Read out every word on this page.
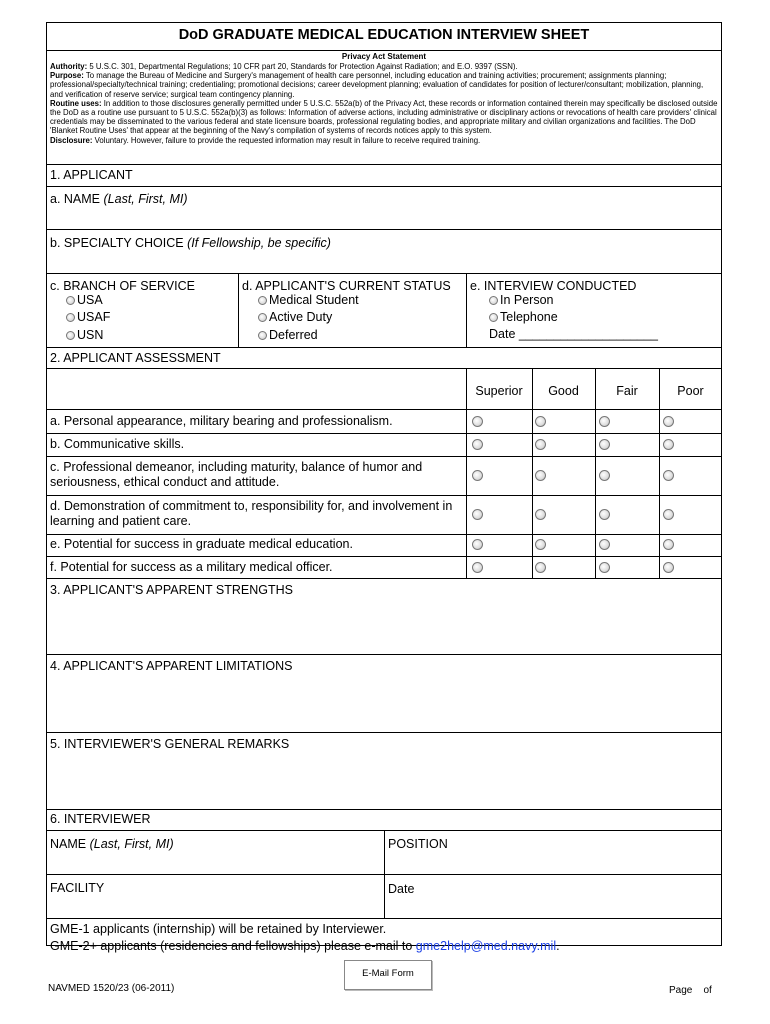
DoD GRADUATE MEDICAL EDUCATION INTERVIEW SHEET
Privacy Act Statement

Authority: 5 U.S.C. 301, Departmental Regulations; 10 CFR part 20, Standards for Protection Against Radiation; and E.O. 9397 (SSN).

Purpose: To manage the Bureau of Medicine and Surgery's management of health care personnel, including education and training activities; procurement; assignments planning; professional/specialty/technical training; credentialing; promotional decisions; career development planning; evaluation of candidates for position of lecturer/consultant; mobilization, planning, and verification of reserve service; surgical team contingency planning.

Routine uses: In addition to those disclosures generally permitted under 5 U.S.C. 552a(b) of the Privacy Act, these records or information contained therein may specifically be disclosed outside the DoD as a routine use pursuant to 5 U.S.C. 552a(b)(3) as follows: Information of adverse actions, including administrative or disciplinary actions or revocations of health care providers' clinical credentials may be disseminated to the various federal and state licensure boards, professional regulating bodies, and appropriate military and civilian organizations and facilities. The DoD 'Blanket Routine Uses' that appear at the beginning of the Navy's compilation of systems of records notices apply to this system.

Disclosure: Voluntary. However, failure to provide the requested information may result in failure to receive required training.

1. APPLICANT
a. NAME (Last, First, MI)
b. SPECIALTY CHOICE (If Fellowship, be specific)
c. BRANCH OF SERVICE
USA
USAF
USN
d. APPLICANT'S CURRENT STATUS
Medical Student
Active Duty
Deferred
e. INTERVIEW CONDUCTED
In Person
Telephone
Date ____________________
2. APPLICANT ASSESSMENT
Superior	Good	Fair	Poor
a. Personal appearance, military bearing and professionalism.
b. Communicative skills.
c. Professional demeanor, including maturity, balance of humor and seriousness, ethical conduct and attitude.
d. Demonstration of commitment to, responsibility for, and involvement in learning and patient care.
e. Potential for success in graduate medical education.
f. Potential for success as a military medical officer.
3. APPLICANT'S APPARENT STRENGTHS
4. APPLICANT'S APPARENT LIMITATIONS
5. INTERVIEWER'S GENERAL REMARKS
6. INTERVIEWER
NAME (Last, First, MI)	POSITION
FACILITY	Date
GME-1 applicants (internship) will be retained by Interviewer.
GME-2+ applicants (residencies and fellowships) please e-mail to gme2help@med.navy.mil.
E-Mail Form
NAVMED 1520/23 (06-2011)	Page    of
